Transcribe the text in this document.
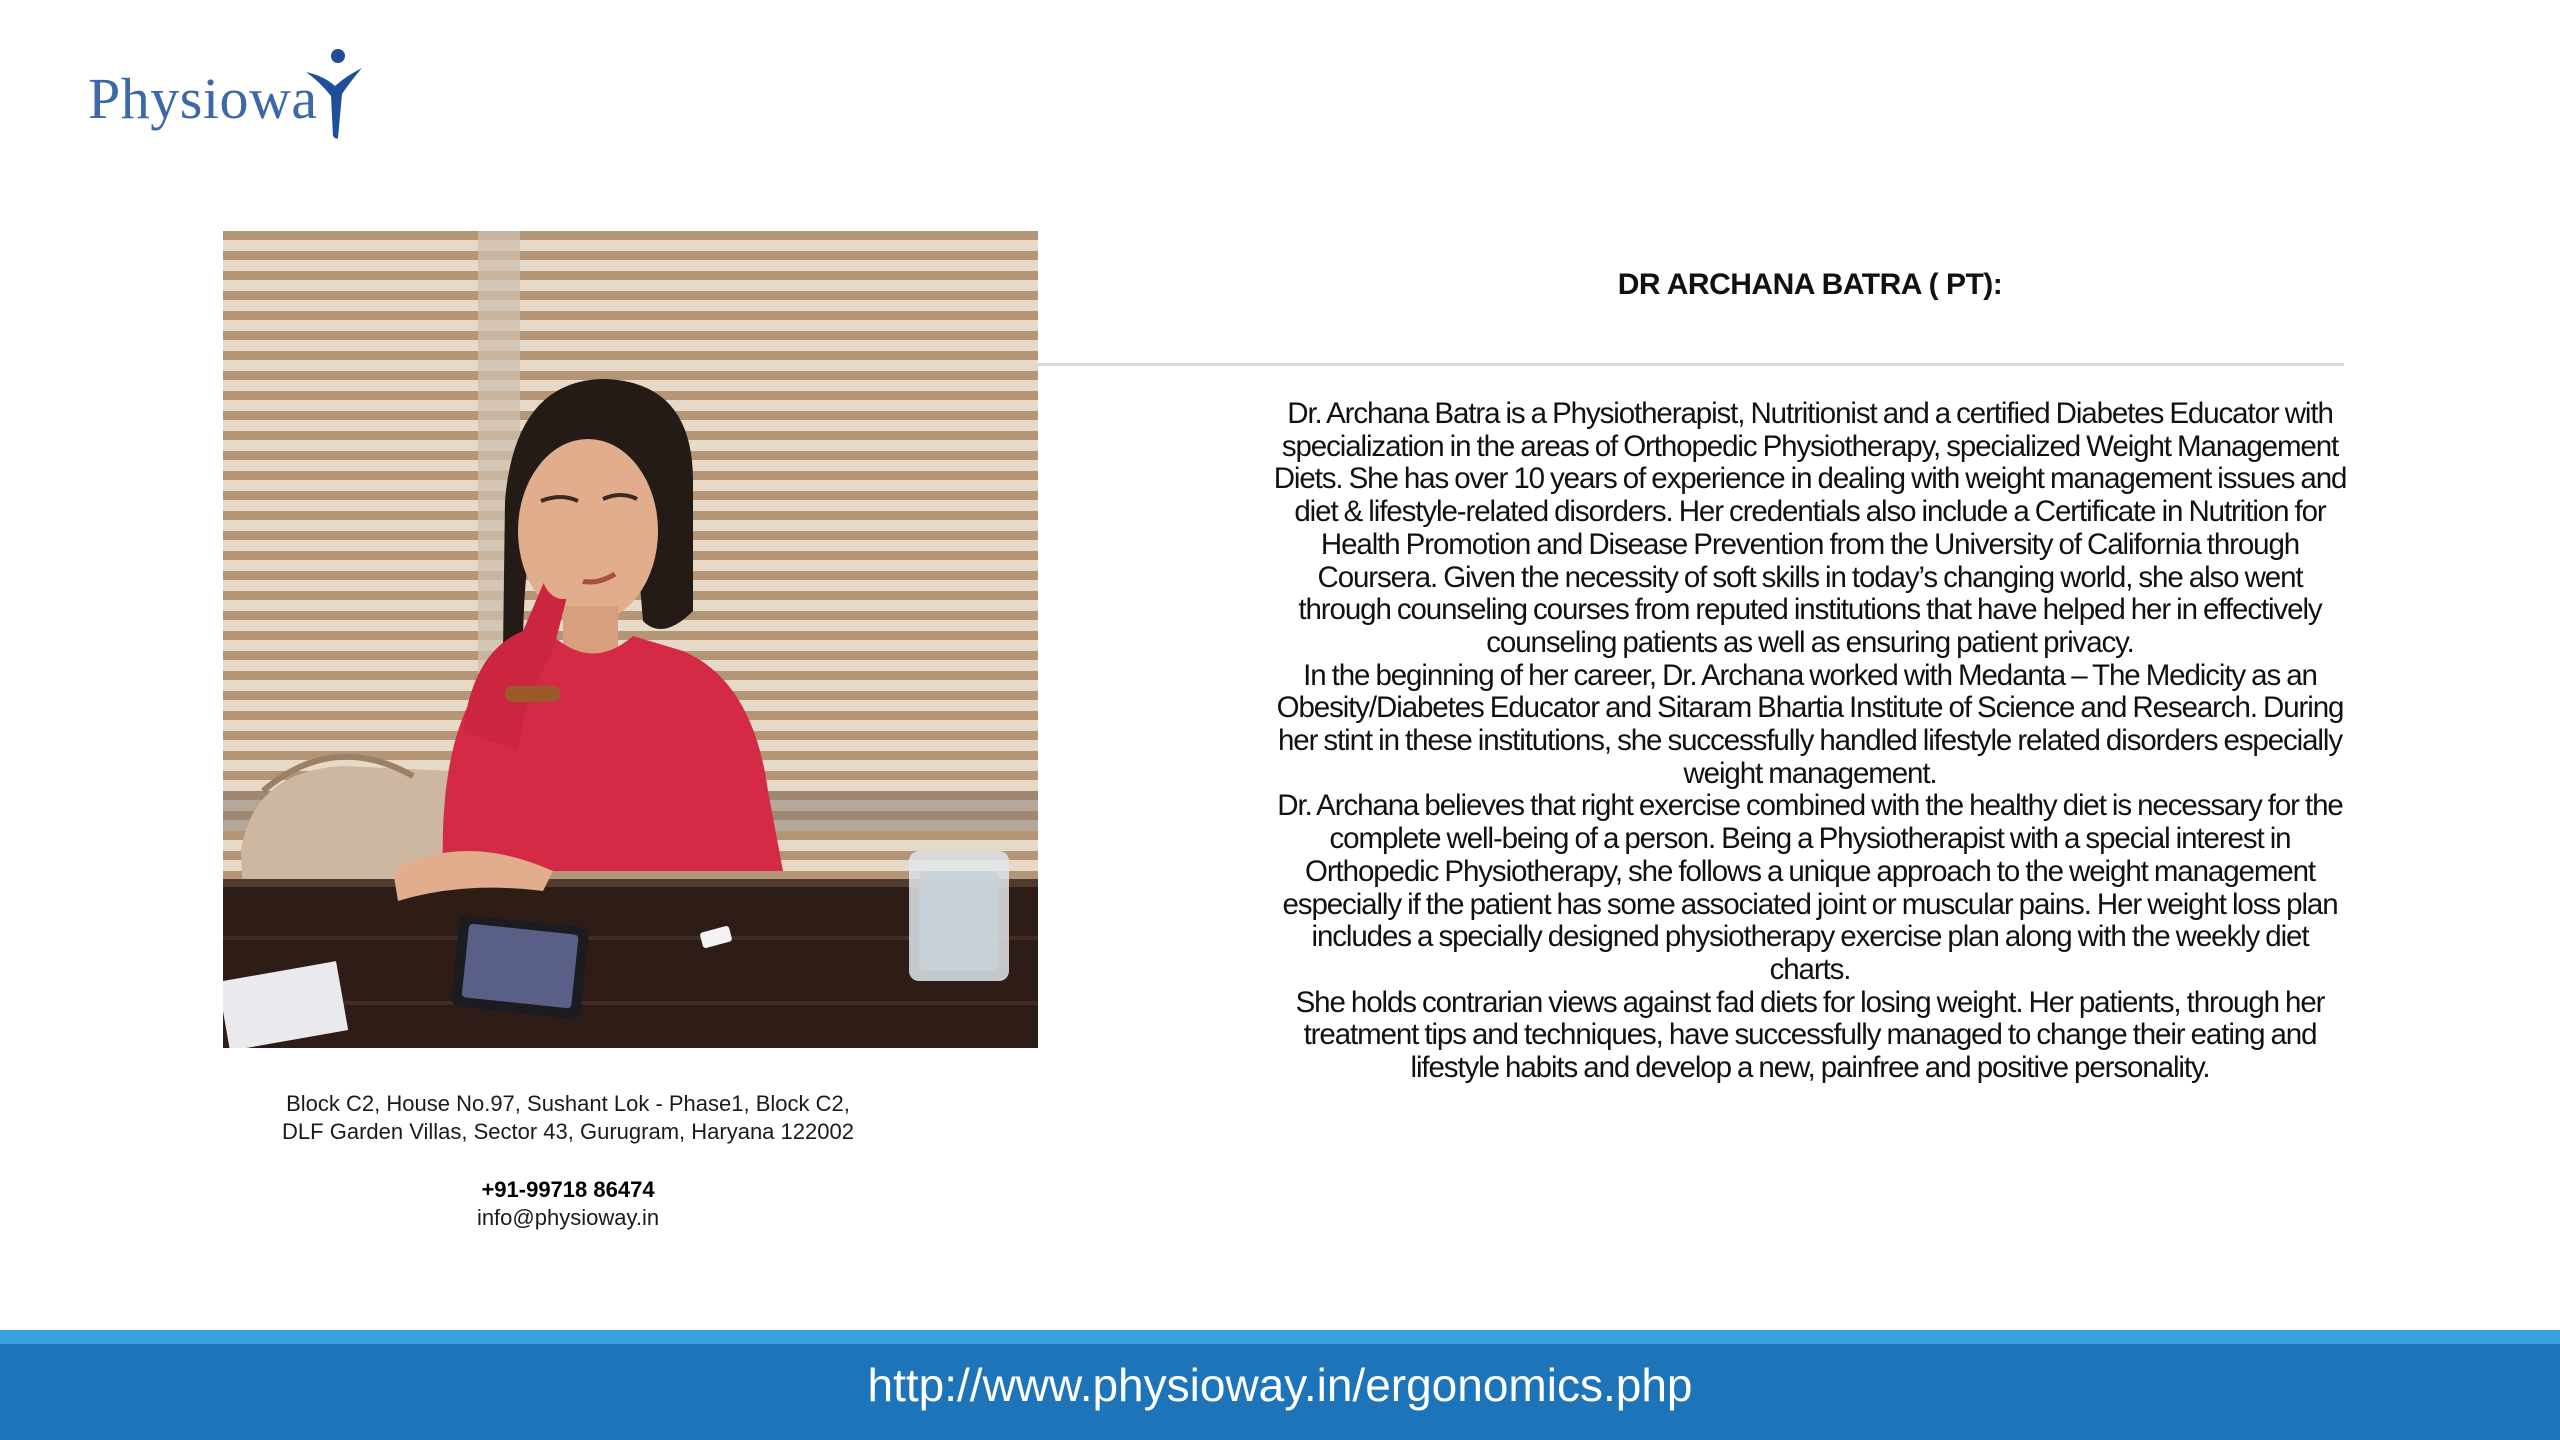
Physiowa
Block C2, House No.97, Sushant Lok - Phase1, Block C2,
DLF Garden Villas, Sector 43, Gurugram, Haryana 122002
+91-99718 86474
info@physioway.in
DR ARCHANA BATRA ( PT):

Dr. Archana Batra is a Physiotherapist, Nutritionist and a certified Diabetes Educator with specialization in the areas of Orthopedic Physiotherapy, specialized Weight Management Diets. She has over 10 years of experience in dealing with weight management issues and diet & lifestyle-related disorders. Her credentials also include a Certificate in Nutrition for Health Promotion and Disease Prevention from the University of California through Coursera. Given the necessity of soft skills in today’s changing world, she also went through counseling courses from reputed institutions that have helped her in effectively counseling patients as well as ensuring patient privacy.

In the beginning of her career, Dr. Archana worked with Medanta – The Medicity as an Obesity/Diabetes Educator and Sitaram Bhartia Institute of Science and Research. During her stint in these institutions, she successfully handled lifestyle related disorders especially weight management.

Dr. Archana believes that right exercise combined with the healthy diet is necessary for the complete well-being of a person. Being a Physiotherapist with a special interest in Orthopedic Physiotherapy, she follows a unique approach to the weight management especially if the patient has some associated joint or muscular pains. Her weight loss plan includes a specially designed physiotherapy exercise plan along with the weekly diet charts.

She holds contrarian views against fad diets for losing weight. Her patients, through her treatment tips and techniques, have successfully managed to change their eating and lifestyle habits and develop a new, painfree and positive personality.

http://www.physioway.in/ergonomics.php
